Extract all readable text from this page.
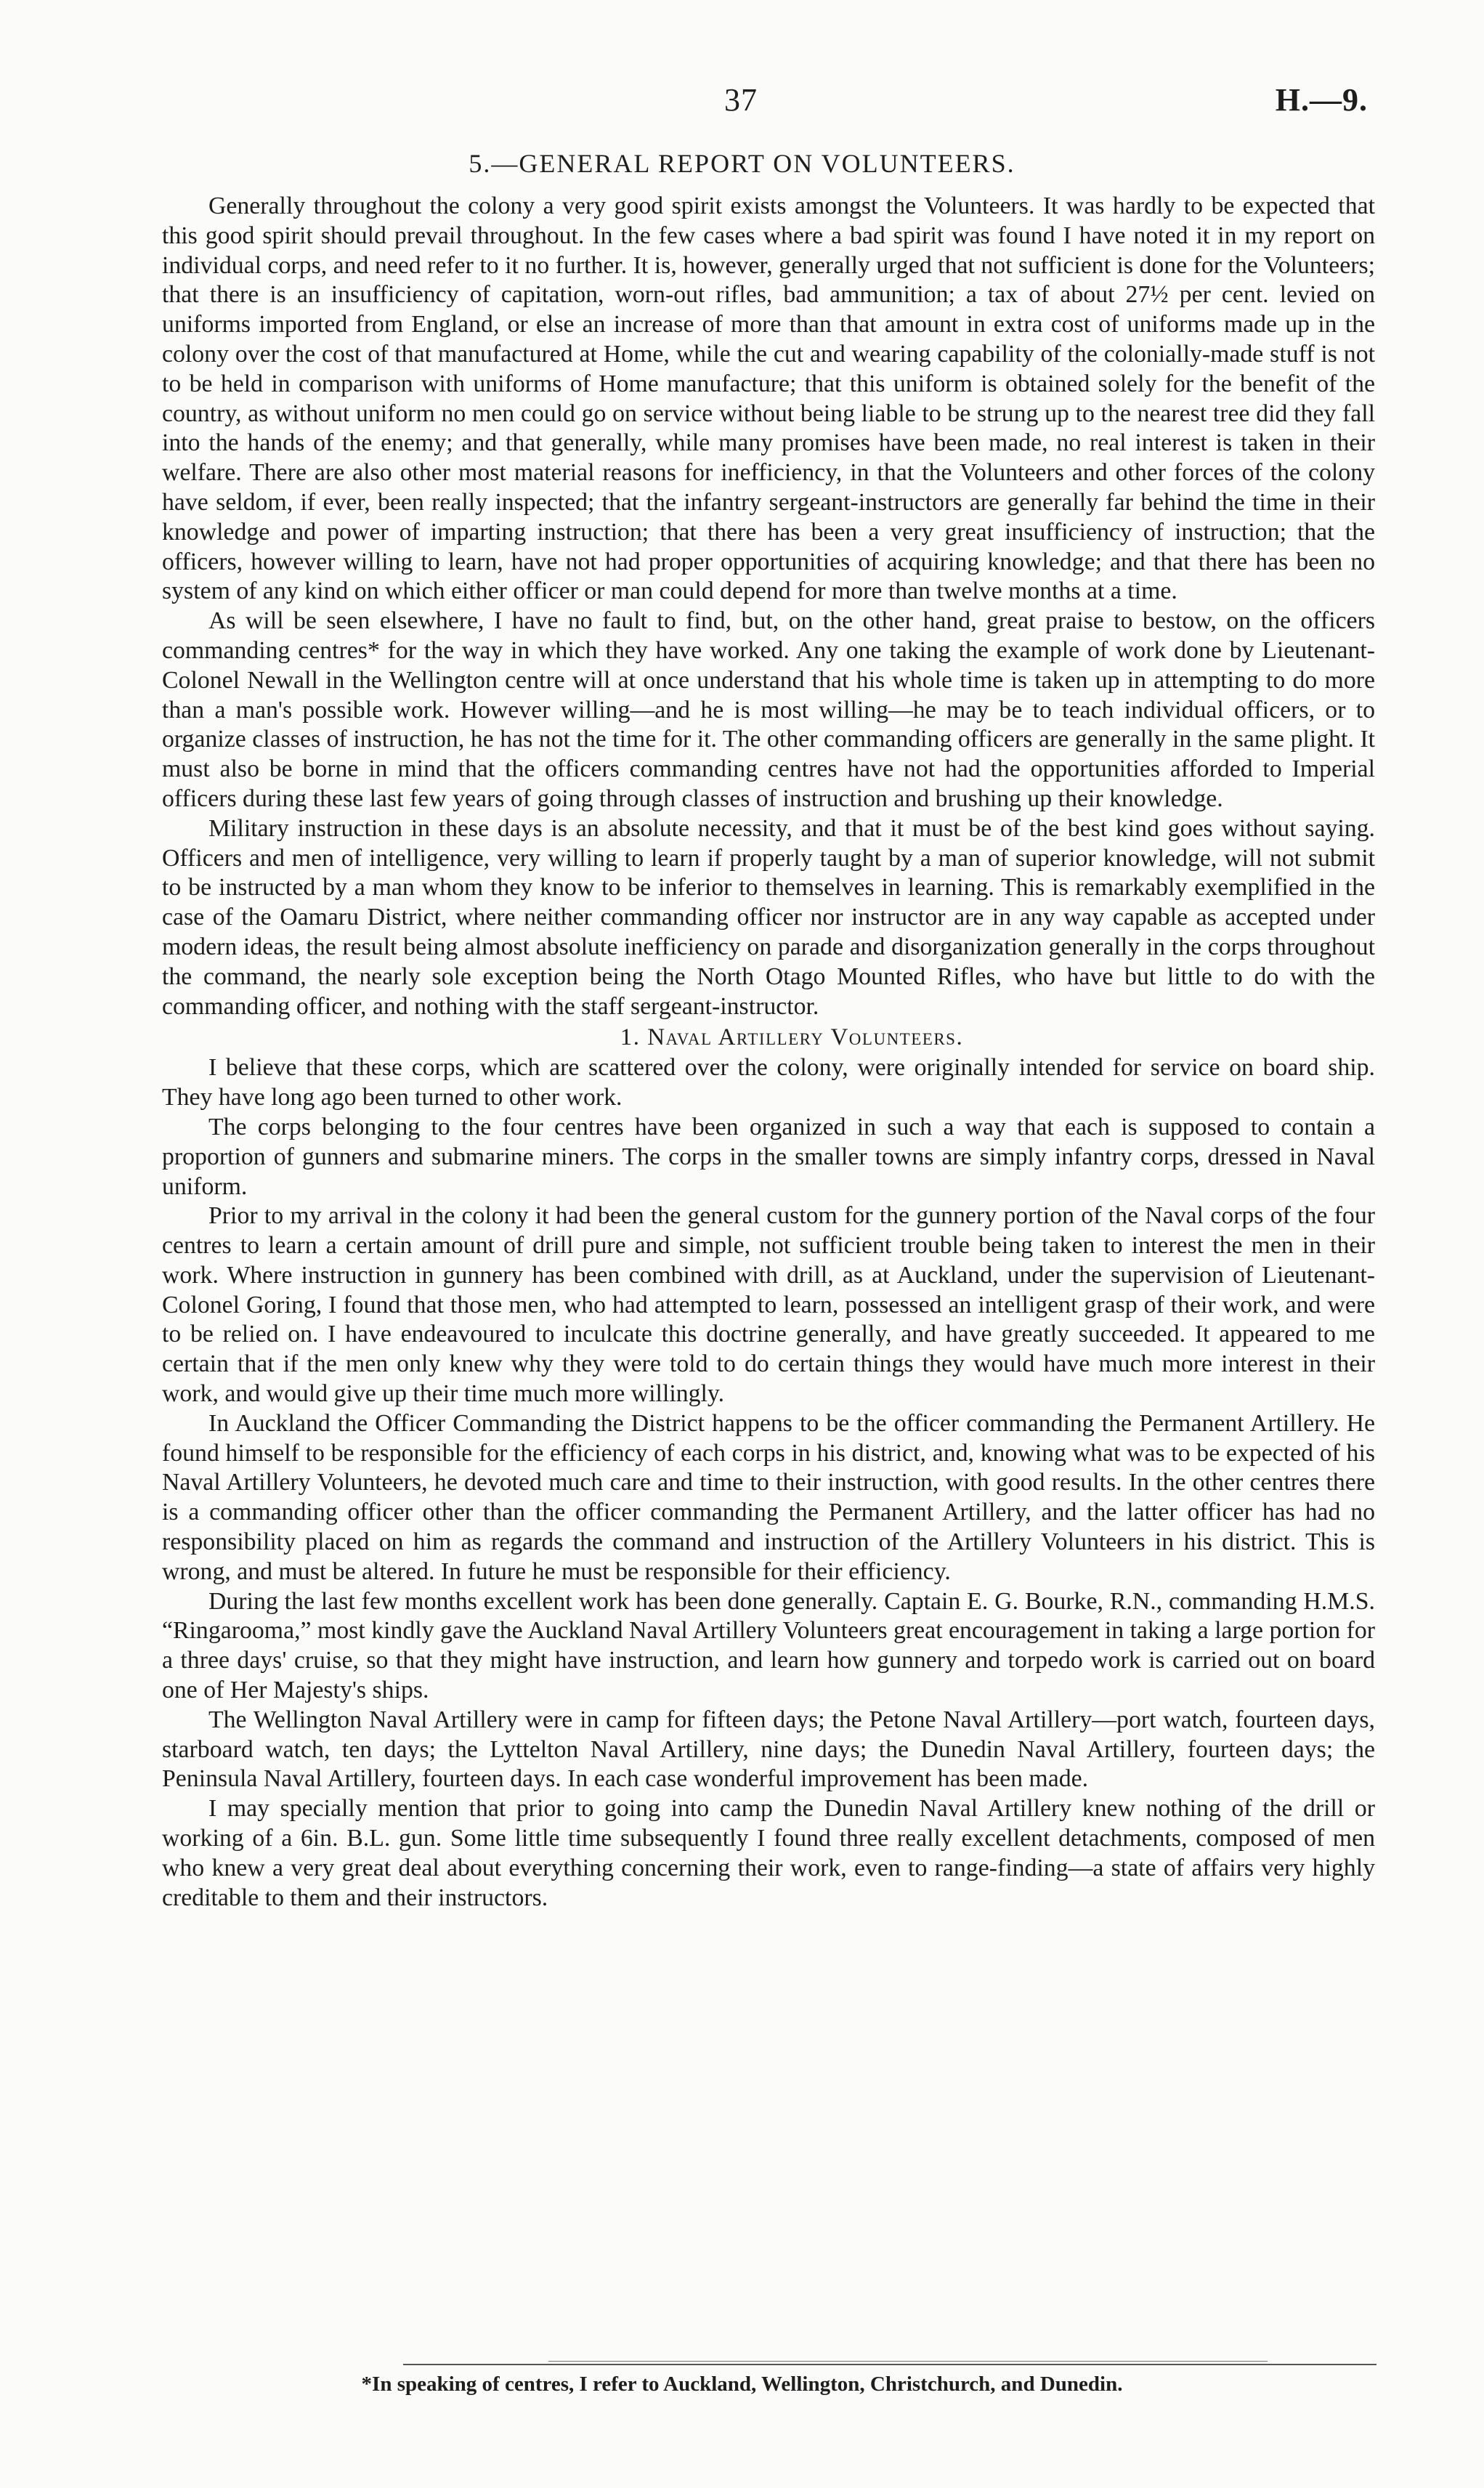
37	H.—9.
5.—GENERAL REPORT ON VOLUNTEERS.

Generally throughout the colony a very good spirit exists amongst the Volunteers. It was hardly to be expected that this good spirit should prevail throughout. In the few cases where a bad spirit was found I have noted it in my report on individual corps, and need refer to it no further. It is, however, generally urged that not sufficient is done for the Volunteers; that there is an insufficiency of capitation, worn-out rifles, bad ammunition; a tax of about 27½ per cent. levied on uniforms imported from England, or else an increase of more than that amount in extra cost of uniforms made up in the colony over the cost of that manufactured at Home, while the cut and wearing capability of the colonially-made stuff is not to be held in comparison with uniforms of Home manufacture; that this uniform is obtained solely for the benefit of the country, as without uniform no men could go on service without being liable to be strung up to the nearest tree did they fall into the hands of the enemy; and that generally, while many promises have been made, no real interest is taken in their welfare. There are also other most material reasons for inefficiency, in that the Volunteers and other forces of the colony have seldom, if ever, been really inspected; that the infantry sergeant-instructors are generally far behind the time in their knowledge and power of imparting instruction; that there has been a very great insufficiency of instruction; that the officers, however willing to learn, have not had proper opportunities of acquiring knowledge; and that there has been no system of any kind on which either officer or man could depend for more than twelve months at a time.

As will be seen elsewhere, I have no fault to find, but, on the other hand, great praise to bestow, on the officers commanding centres* for the way in which they have worked. Any one taking the example of work done by Lieutenant-Colonel Newall in the Wellington centre will at once understand that his whole time is taken up in attempting to do more than a man's possible work. However willing—and he is most willing—he may be to teach individual officers, or to organize classes of instruction, he has not the time for it. The other commanding officers are generally in the same plight. It must also be borne in mind that the officers commanding centres have not had the opportunities afforded to Imperial officers during these last few years of going through classes of instruction and brushing up their knowledge.

Military instruction in these days is an absolute necessity, and that it must be of the best kind goes without saying. Officers and men of intelligence, very willing to learn if properly taught by a man of superior knowledge, will not submit to be instructed by a man whom they know to be inferior to themselves in learning. This is remarkably exemplified in the case of the Oamaru District, where neither commanding officer nor instructor are in any way capable as accepted under modern ideas, the result being almost absolute inefficiency on parade and disorganization generally in the corps throughout the command, the nearly sole exception being the North Otago Mounted Rifles, who have but little to do with the commanding officer, and nothing with the staff sergeant-instructor.

1. Naval Artillery Volunteers.

I believe that these corps, which are scattered over the colony, were originally intended for service on board ship. They have long ago been turned to other work.

The corps belonging to the four centres have been organized in such a way that each is supposed to contain a proportion of gunners and submarine miners. The corps in the smaller towns are simply infantry corps, dressed in Naval uniform.

Prior to my arrival in the colony it had been the general custom for the gunnery portion of the Naval corps of the four centres to learn a certain amount of drill pure and simple, not sufficient trouble being taken to interest the men in their work. Where instruction in gunnery has been combined with drill, as at Auckland, under the supervision of Lieutenant-Colonel Goring, I found that those men, who had attempted to learn, possessed an intelligent grasp of their work, and were to be relied on. I have endeavoured to inculcate this doctrine generally, and have greatly succeeded. It appeared to me certain that if the men only knew why they were told to do certain things they would have much more interest in their work, and would give up their time much more willingly.

In Auckland the Officer Commanding the District happens to be the officer commanding the Permanent Artillery. He found himself to be responsible for the efficiency of each corps in his district, and, knowing what was to be expected of his Naval Artillery Volunteers, he devoted much care and time to their instruction, with good results. In the other centres there is a commanding officer other than the officer commanding the Permanent Artillery, and the latter officer has had no responsibility placed on him as regards the command and instruction of the Artillery Volunteers in his district. This is wrong, and must be altered. In future he must be responsible for their efficiency.

During the last few months excellent work has been done generally. Captain E. G. Bourke, R.N., commanding H.M.S. “Ringarooma,” most kindly gave the Auckland Naval Artillery Volunteers great encouragement in taking a large portion for a three days' cruise, so that they might have instruction, and learn how gunnery and torpedo work is carried out on board one of Her Majesty's ships.

The Wellington Naval Artillery were in camp for fifteen days; the Petone Naval Artillery—port watch, fourteen days, starboard watch, ten days; the Lyttelton Naval Artillery, nine days; the Dunedin Naval Artillery, fourteen days; the Peninsula Naval Artillery, fourteen days. In each case wonderful improvement has been made.

I may specially mention that prior to going into camp the Dunedin Naval Artillery knew nothing of the drill or working of a 6in. B.L. gun. Some little time subsequently I found three really excellent detachments, composed of men who knew a very great deal about everything concerning their work, even to range-finding—a state of affairs very highly creditable to them and their instructors.

*In speaking of centres, I refer to Auckland, Wellington, Christchurch, and Dunedin.
